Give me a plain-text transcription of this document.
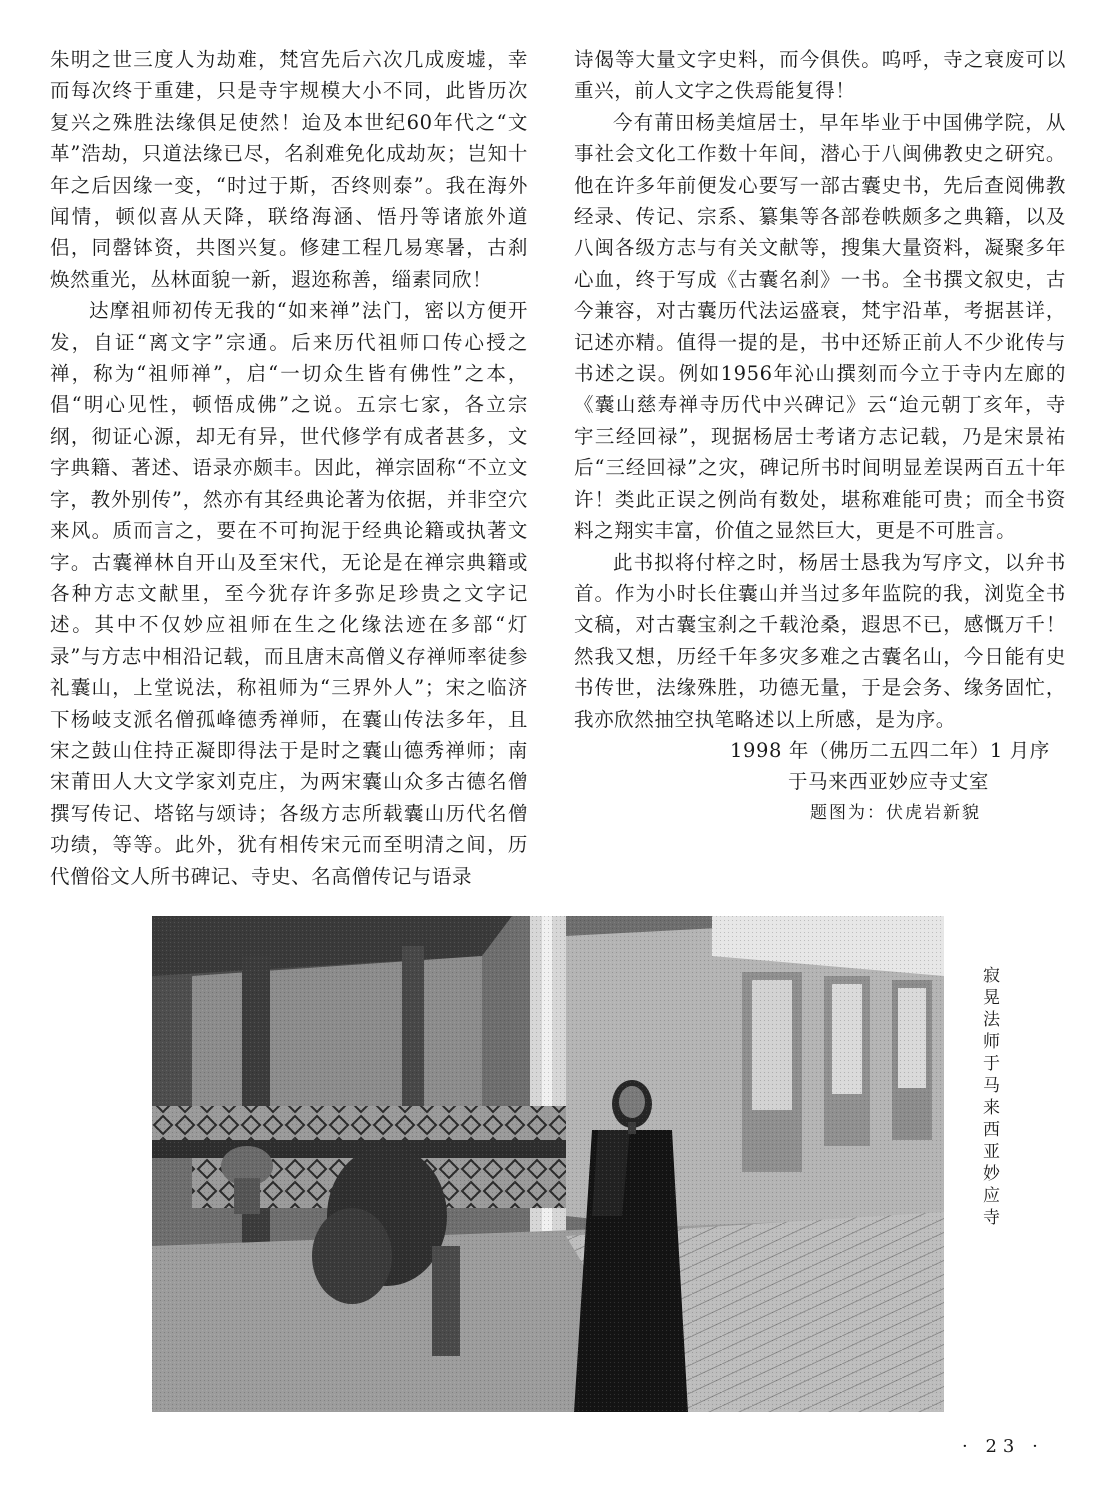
朱明之世三度人为劫难，梵宫先后六次几成废墟，幸而每次终于重建，只是寺宇规模大小不同，此皆历次复兴之殊胜法缘俱足使然！迨及本世纪60年代之“文革”浩劫，只道法缘已尽，名刹难免化成劫灰；岂知十年之后因缘一变，“时过于斯，否终则泰”。我在海外闻情，顿似喜从天降，联络海涵、悟丹等诸旅外道侣，同罄钵资，共图兴复。修建工程几易寒暑，古刹焕然重光，丛林面貌一新，遐迩称善，缁素同欣！

达摩祖师初传无我的“如来禅”法门，密以方便开发，自证“离文字”宗通。后来历代祖师口传心授之禅，称为“祖师禅”，启“一切众生皆有佛性”之本，倡“明心见性，顿悟成佛”之说。五宗七家，各立宗纲，彻证心源，却无有异，世代修学有成者甚多，文字典籍、著述、语录亦颇丰。因此，禅宗固称“不立文字，教外别传”，然亦有其经典论著为依据，并非空穴来风。质而言之，要在不可拘泥于经典论籍或执著文字。古囊禅林自开山及至宋代，无论是在禅宗典籍或各种方志文献里，至今犹存许多弥足珍贵之文字记述。其中不仅妙应祖师在生之化缘法迹在多部“灯录”与方志中相沿记载，而且唐末高僧义存禅师率徒参礼囊山，上堂说法，称祖师为“三界外人”；宋之临济下杨岐支派名僧孤峰德秀禅师，在囊山传法多年，且宋之鼓山住持正凝即得法于是时之囊山德秀禅师；南宋莆田人大文学家刘克庄，为两宋囊山众多古德名僧撰写传记、塔铭与颂诗；各级方志所载囊山历代名僧功绩，等等。此外，犹有相传宋元而至明清之间，历代僧俗文人所书碑记、寺史、名高僧传记与语录

诗偈等大量文字史料，而今俱佚。呜呼，寺之衰废可以重兴，前人文字之佚焉能复得！

今有莆田杨美煊居士，早年毕业于中国佛学院，从事社会文化工作数十年间，潜心于八闽佛教史之研究。他在许多年前便发心要写一部古囊史书，先后查阅佛教经录、传记、宗系、纂集等各部卷帙颇多之典籍，以及八闽各级方志与有关文献等，搜集大量资料，凝聚多年心血，终于写成《古囊名刹》一书。全书撰文叙史，古今兼容，对古囊历代法运盛衰，梵宇沿革，考据甚详，记述亦精。值得一提的是，书中还矫正前人不少讹传与书述之误。例如1956年沁山撰刻而今立于寺内左廊的《囊山慈寿禅寺历代中兴碑记》云“迨元朝丁亥年，寺宇三经回禄”，现据杨居士考诸方志记载，乃是宋景祐后“三经回禄”之灾，碑记所书时间明显差误两百五十年许！类此正误之例尚有数处，堪称难能可贵；而全书资料之翔实丰富，价值之显然巨大，更是不可胜言。

此书拟将付梓之时，杨居士恳我为写序文，以弁书首。作为小时长住囊山并当过多年监院的我，浏览全书文稿，对古囊宝刹之千载沧桑，遐思不已，感慨万千！然我又想，历经千年多灾多难之古囊名山，今日能有史书传世，法缘殊胜，功德无量，于是会务、缘务固忙，我亦欣然抽空执笔略述以上所感，是为序。

1998 年（佛历二五四二年）1 月序

于马来西亚妙应寺丈室

题图为：伏虎岩新貌

寂晃法师于马来西亚妙应寺
· 23 ·
